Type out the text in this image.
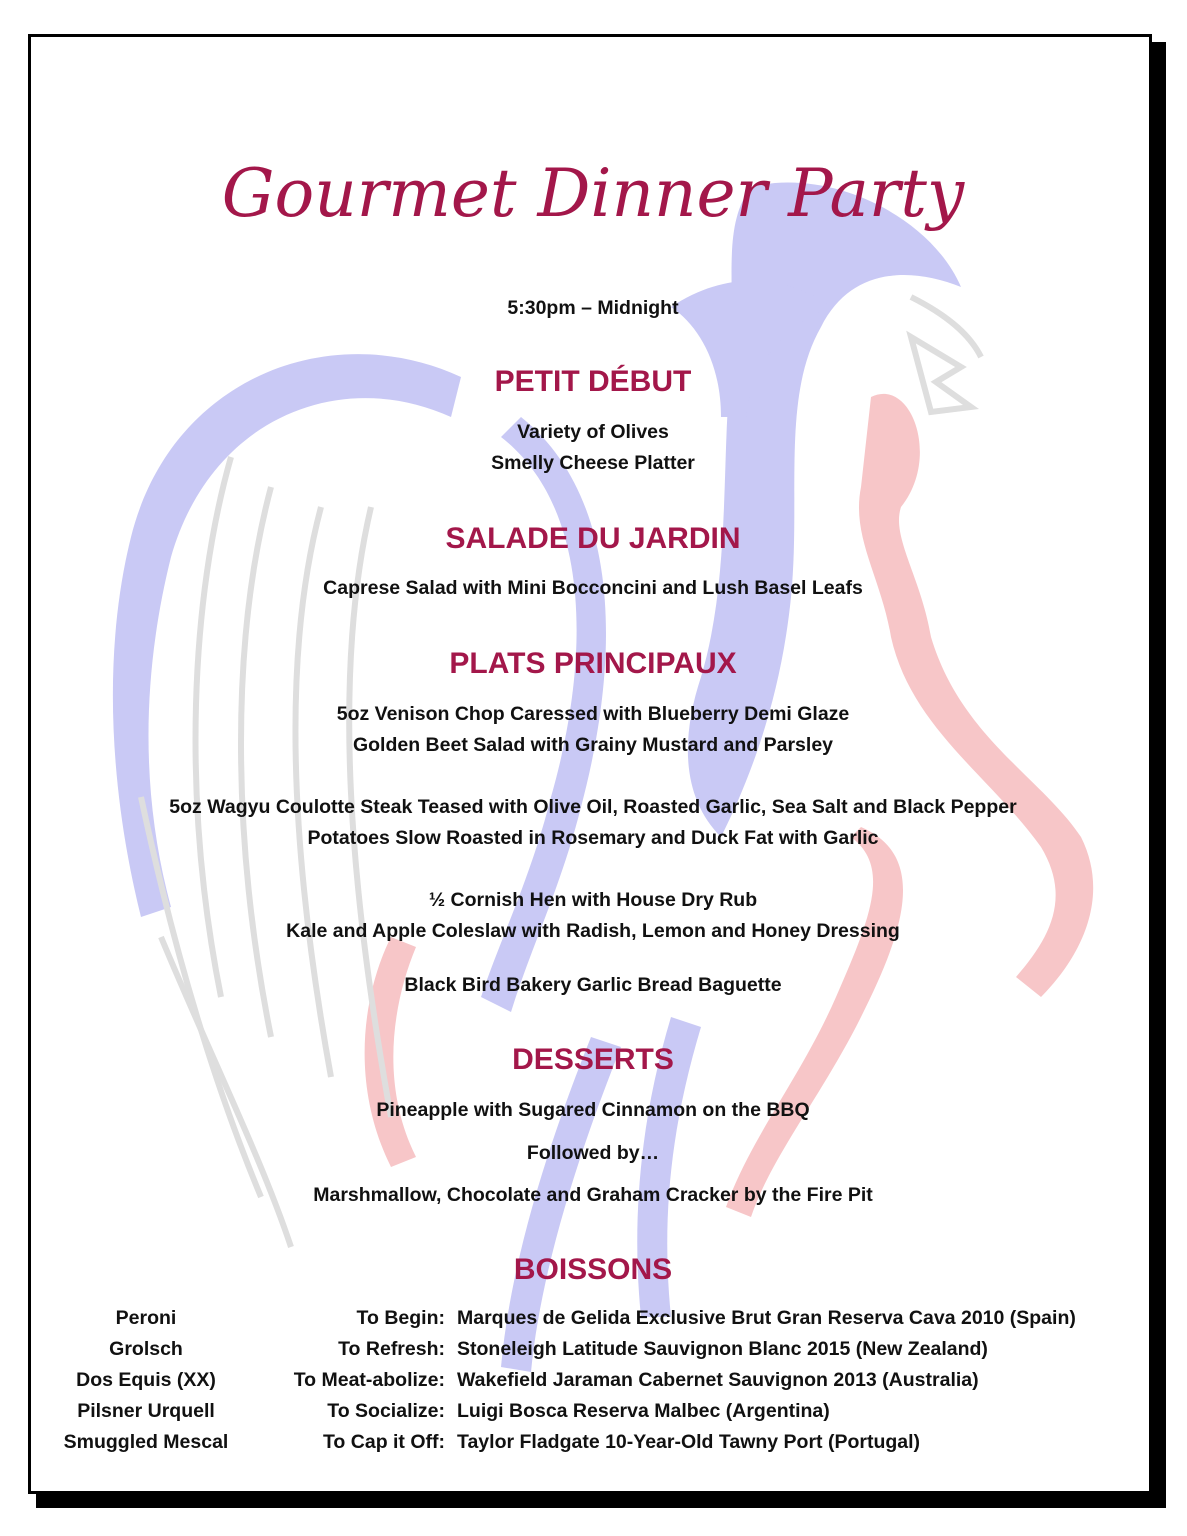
Gourmet Dinner Party
5:30pm – Midnight
PETIT DÉBUT
Variety of Olives
Smelly Cheese Platter
SALADE DU JARDIN
Caprese Salad with Mini Bocconcini and Lush Basel Leafs
PLATS PRINCIPAUX
5oz Venison Chop Caressed with Blueberry Demi Glaze
Golden Beet Salad with Grainy Mustard and Parsley
5oz Wagyu Coulotte Steak Teased with Olive Oil, Roasted Garlic, Sea Salt and Black Pepper
Potatoes Slow Roasted in Rosemary and Duck Fat with Garlic
½ Cornish Hen with House Dry Rub
Kale and Apple Coleslaw with Radish, Lemon and Honey Dressing
Black Bird Bakery Garlic Bread Baguette
DESSERTS
Pineapple with Sugared Cinnamon on the BBQ
Followed by…
Marshmallow, Chocolate and Graham Cracker by the Fire Pit
BOISSONS
Peroni	To Begin: Marques de Gelida Exclusive Brut Gran Reserva Cava 2010 (Spain)
Grolsch	To Refresh: Stoneleigh Latitude Sauvignon Blanc 2015 (New Zealand)
Dos Equis (XX)	To Meat-abolize: Wakefield Jaraman Cabernet Sauvignon 2013 (Australia)
Pilsner Urquell	To Socialize: Luigi Bosca Reserva Malbec (Argentina)
Smuggled Mescal	To Cap it Off: Taylor Fladgate 10-Year-Old Tawny Port (Portugal)
